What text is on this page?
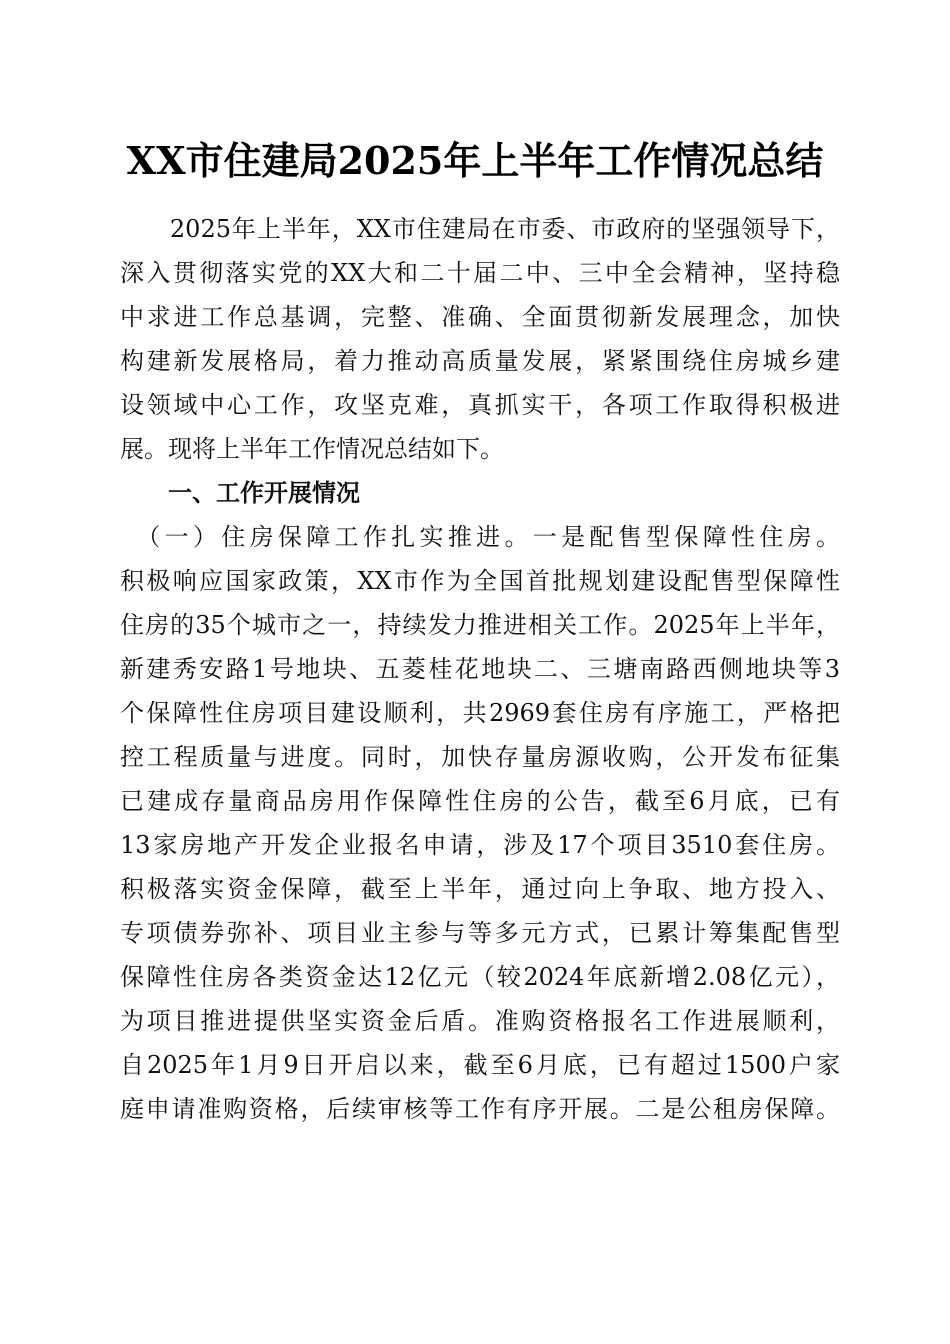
XX市住建局2025年上半年工作情况总结
　　2025年上半年，XX市住建局在市委、市政府的坚强领导下，
深入贯彻落实党的XX大和二十届二中、三中全会精神，坚持稳
中求进工作总基调，完整、准确、全面贯彻新发展理念，加快
构建新发展格局，着力推动高质量发展，紧紧围绕住房城乡建
设领域中心工作，攻坚克难，真抓实干，各项工作取得积极进
展。现将上半年工作情况总结如下。
一、工作开展情况
　（一）住房保障工作扎实推进。一是配售型保障性住房。
积极响应国家政策，XX市作为全国首批规划建设配售型保障性
住房的35个城市之一，持续发力推进相关工作。2025年上半年，
新建秀安路1号地块、五菱桂花地块二、三塘南路西侧地块等3
个保障性住房项目建设顺利，共2969套住房有序施工，严格把
控工程质量与进度。同时，加快存量房源收购，公开发布征集
已建成存量商品房用作保障性住房的公告，截至6月底，已有
13家房地产开发企业报名申请，涉及17个项目3510套住房。
积极落实资金保障，截至上半年，通过向上争取、地方投入、
专项债券弥补、项目业主参与等多元方式，已累计筹集配售型
保障性住房各类资金达12亿元（较2024年底新增2.08亿元），
为项目推进提供坚实资金后盾。准购资格报名工作进展顺利，
自2025年1月9日开启以来，截至6月底，已有超过1500户家
庭申请准购资格，后续审核等工作有序开展。二是公租房保障。
